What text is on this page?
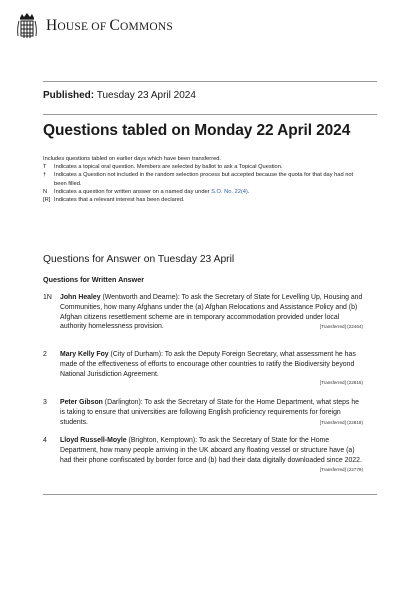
HOUSE OF COMMONS
Published: Tuesday 23 April 2024
Questions tabled on Monday 22 April 2024
Includes questions tabled on earlier days which have been transferred.
T	Indicates a topical oral question. Members are selected by ballot to ask a Topical Question.
†	Indicates a Question not included in the random selection process but accepted because the quota for that day had not been filled.
N	Indicates a question for written answer on a named day under S.O. No. 22(4).
[R] Indicates that a relevant interest has been declared.
Questions for Answer on Tuesday 23 April
Questions for Written Answer
1N	John Healey (Wentworth and Dearne): To ask the Secretary of State for Levelling Up, Housing and Communities, how many Afghans under the (a) Afghan Relocations and Assistance Policy and (b) Afghan citizens resettlement scheme are in temporary accommodation provided under local authority homelessness provision.	[Transferred] (22464)
2	Mary Kelly Foy (City of Durham): To ask the Deputy Foreign Secretary, what assessment he has made of the effectiveness of efforts to encourage other countries to ratify the Biodiversity beyond National Jurisdiction Agreement.
[Transferred] (22816)
3	Peter Gibson (Darlington): To ask the Secretary of State for the Home Department, what steps he is taking to ensure that universities are following English proficiency requirements for foreign students.	[Transferred] (22818)
4	Lloyd Russell-Moyle (Brighton, Kemptown): To ask the Secretary of State for the Home Department, how many people arriving in the UK aboard any floating vessel or structure have (a) had their phone confiscated by border force and (b) had their data digitally downloaded since 2022.
[Transferred] (22779)
